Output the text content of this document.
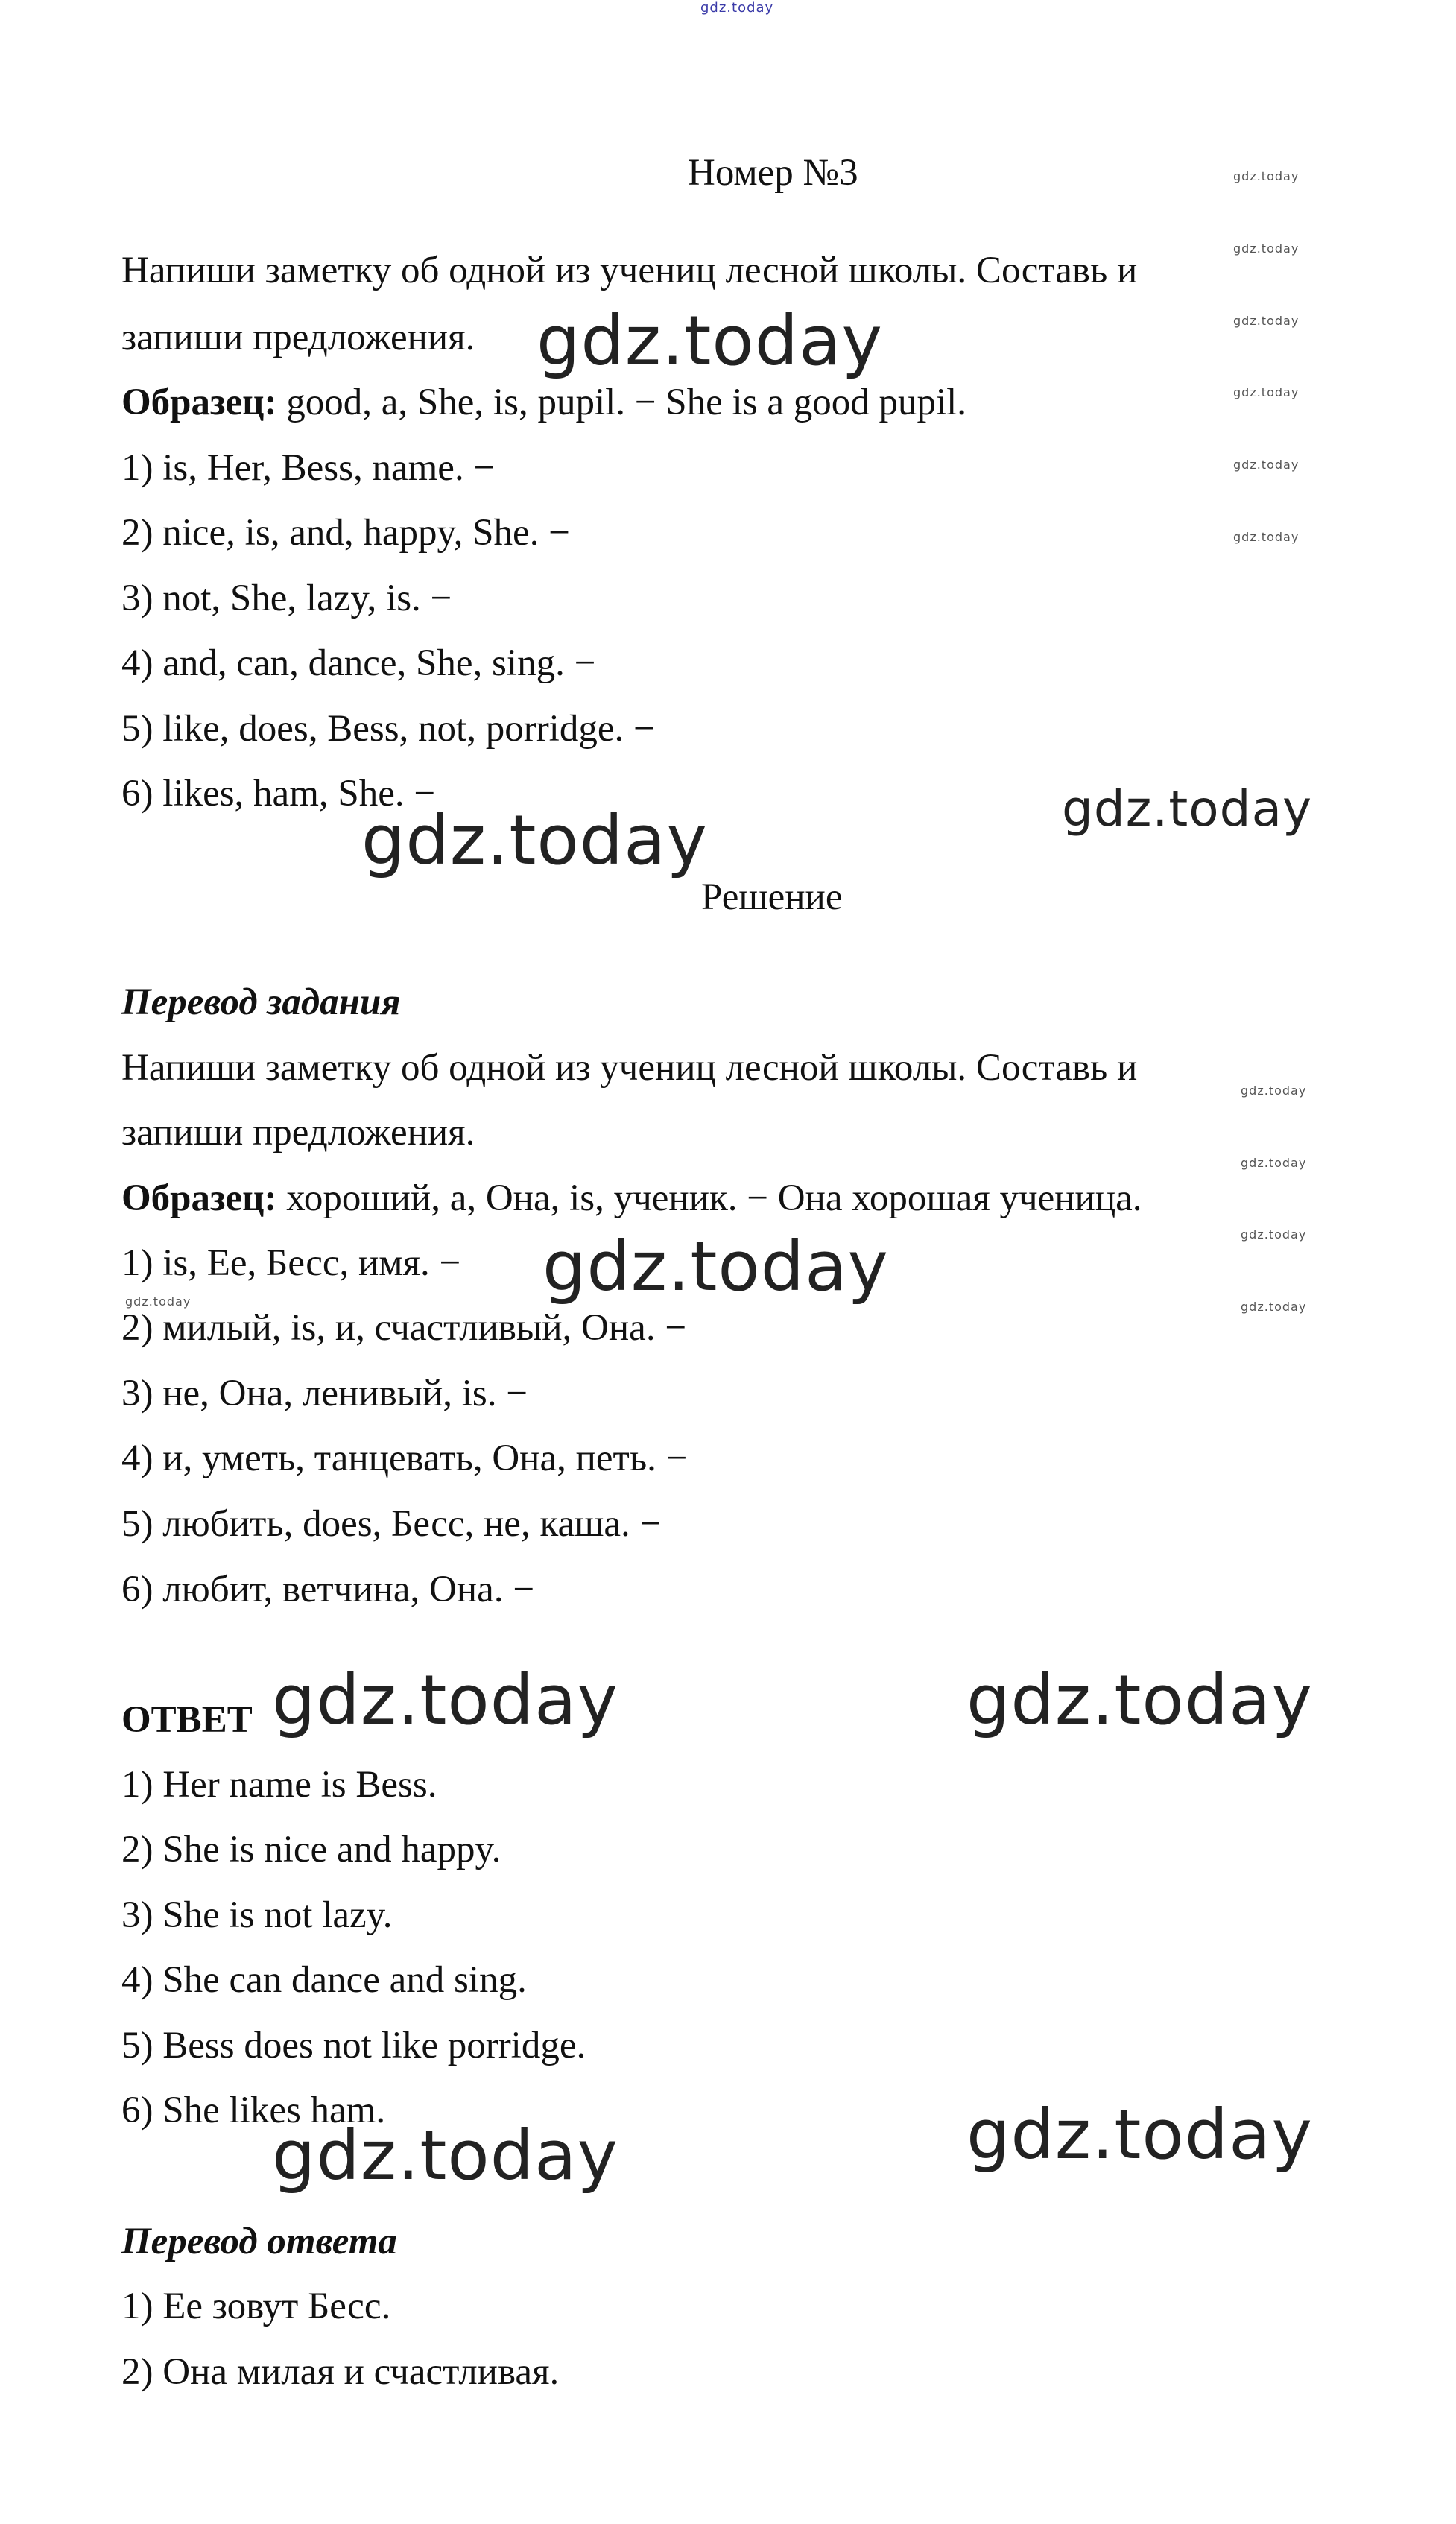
gdz.today
Номер №3
Напиши заметку об одной из учениц лесной школы. Составь и
запиши предложения.
Образец: good, a, She, is, pupil. − She is a good pupil.
1) is, Her, Bess, name. −
2) nice, is, and, happy, She. −
3) not, She, lazy, is. −
4) and, can, dance, She, sing. −
5) like, does, Bess, not, porridge. −
6) likes, ham, She. −
Решение
Перевод задания
Напиши заметку об одной из учениц лесной школы. Составь и
запиши предложения.
Образец: хороший, a, Она, is, ученик. − Она хорошая ученица.
1) is, Ее, Бесс, имя. −
2) милый, is, и, счастливый, Она. −
3) не, Она, ленивый, is. −
4) и, уметь, танцевать, Она, петь. −
5) любить, does, Бесс, не, каша. −
6) любит, ветчина, Она. −
ОТВЕТ
1) Her name is Bess.
2) She is nice and happy.
3) She is not lazy.
4) She can dance and sing.
5) Bess does not like porridge.
6) She likes ham.
Перевод ответа
1) Ее зовут Бесс.
2) Она милая и счастливая.
gdz.today
gdz.today	gdz.today
gdz.today
gdz.today	gdz.today
gdz.today	gdz.today
gdz.today
gdz.today
gdz.today
gdz.today
gdz.today
gdz.today
gdz.today
gdz.today
gdz.today
gdz.today
gdz.today
